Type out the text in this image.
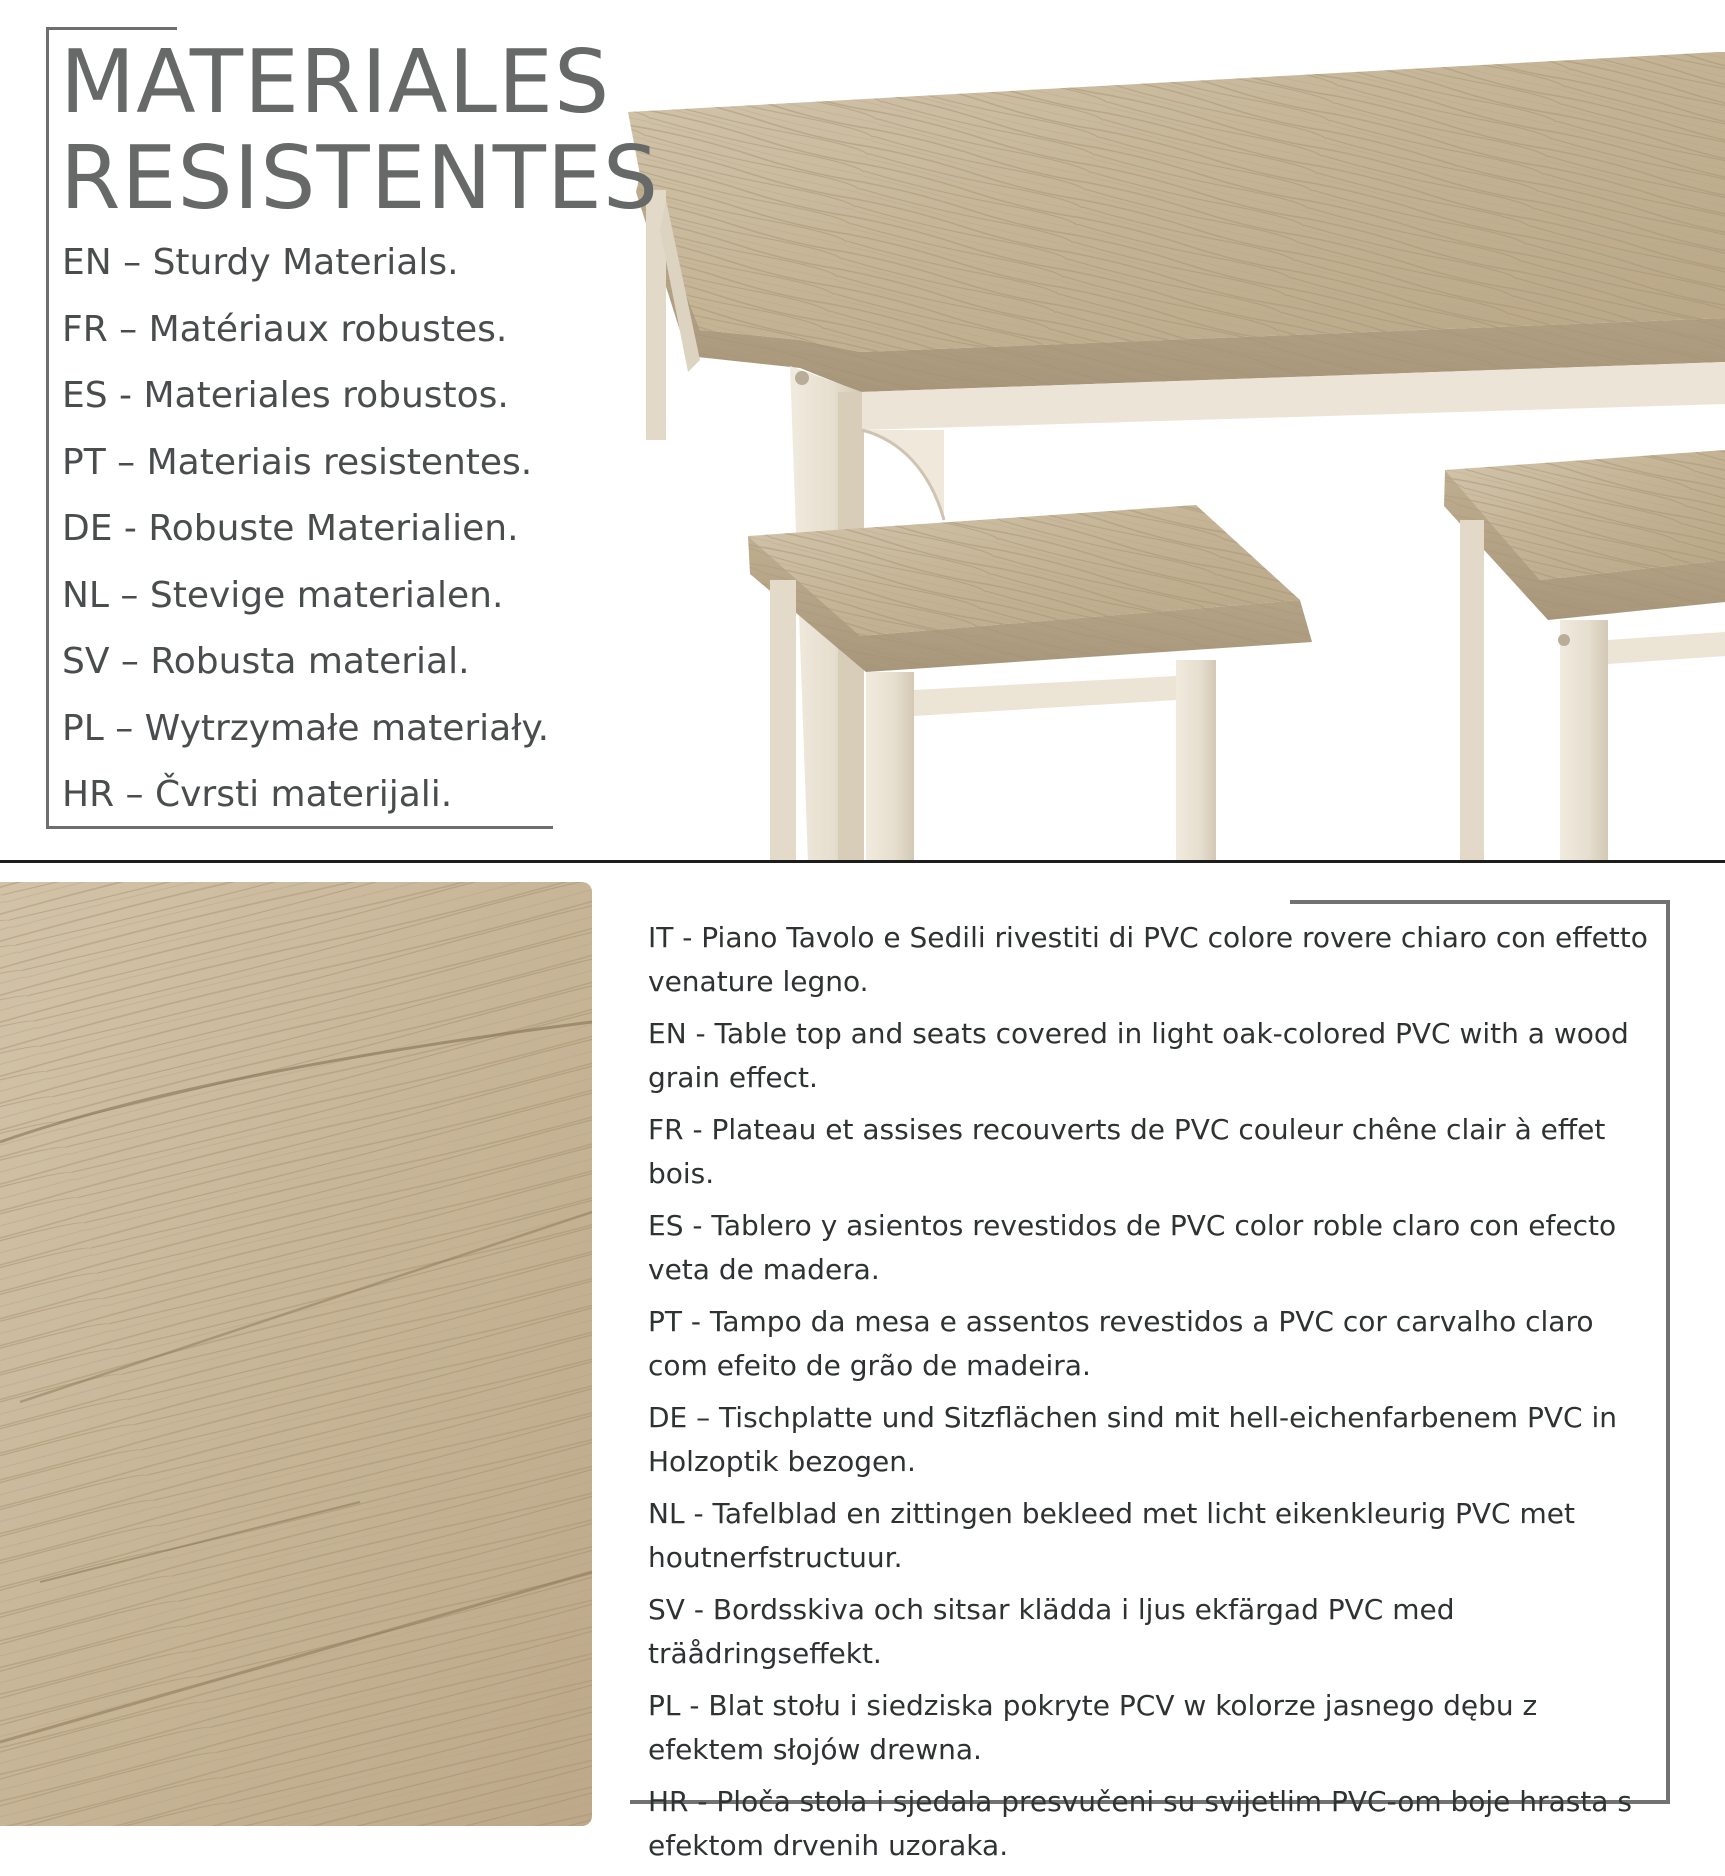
MATERIALES
RESISTENTES
EN – Sturdy Materials.
FR – Matériaux robustes.
ES - Materiales robustos.
PT – Materiais resistentes.
DE - Robuste Materialien.
NL – Stevige materialen.
SV – Robusta material.
PL – Wytrzymałe materiały.
HR – Čvrsti materijali.
IT - Piano Tavolo e Sedili rivestiti di PVC colore rovere chiaro con effetto venature legno.
EN - Table top and seats covered in light oak-colored PVC with a wood grain effect.
FR - Plateau et assises recouverts de PVC couleur chêne clair à effet bois.
ES - Tablero y asientos revestidos de PVC color roble claro con efecto veta de madera.
PT - Tampo da mesa e assentos revestidos a PVC cor carvalho claro com efeito de grão de madeira.
DE – Tischplatte und Sitzflächen sind mit hell-eichenfarbenem PVC in Holzoptik bezogen.
NL - Tafelblad en zittingen bekleed met licht eikenkleurig PVC met houtnerfstructuur.
SV - Bordsskiva och sitsar klädda i ljus ekfärgad PVC med träådringseffekt.
PL - Blat stołu i siedziska pokryte PCV w kolorze jasnego dębu z efektem słojów drewna.
HR - Ploča stola i sjedala presvučeni su svijetlim PVC-om boje hrasta s efektom drvenih uzoraka.
